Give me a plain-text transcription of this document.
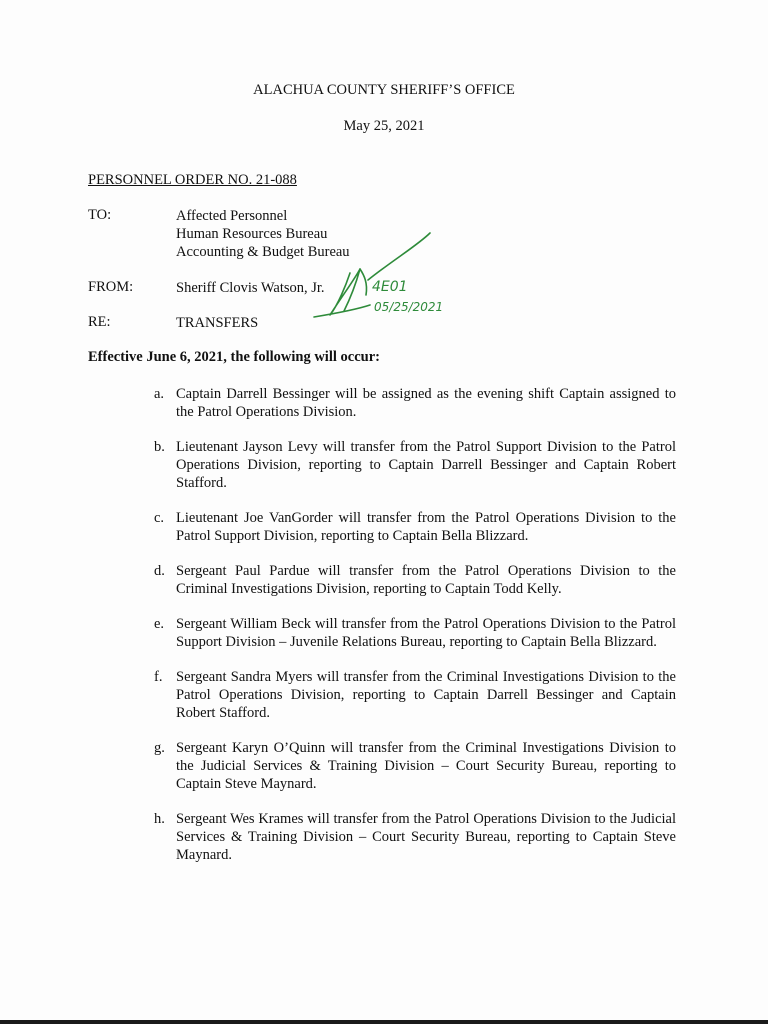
ALACHUA COUNTY SHERIFF’S OFFICE
May 25, 2021
PERSONNEL ORDER NO. 21-088
TO:	Affected Personnel
Human Resources Bureau
Accounting & Budget Bureau
FROM:	Sheriff Clovis Watson, Jr.
RE:	TRANSFERS
4E01
05/25/2021
Effective June 6, 2021, the following will occur:
a. Captain Darrell Bessinger will be assigned as the evening shift Captain assigned to the Patrol Operations Division.
b. Lieutenant Jayson Levy will transfer from the Patrol Support Division to the Patrol Operations Division, reporting to Captain Darrell Bessinger and Captain Robert Stafford.
c. Lieutenant Joe VanGorder will transfer from the Patrol Operations Division to the Patrol Support Division, reporting to Captain Bella Blizzard.
d. Sergeant Paul Pardue will transfer from the Patrol Operations Division to the Criminal Investigations Division, reporting to Captain Todd Kelly.
e. Sergeant William Beck will transfer from the Patrol Operations Division to the Patrol Support Division – Juvenile Relations Bureau, reporting to Captain Bella Blizzard.
f. Sergeant Sandra Myers will transfer from the Criminal Investigations Division to the Patrol Operations Division, reporting to Captain Darrell Bessinger and Captain Robert Stafford.
g. Sergeant Karyn O’Quinn will transfer from the Criminal Investigations Division to the Judicial Services & Training Division – Court Security Bureau, reporting to Captain Steve Maynard.
h. Sergeant Wes Krames will transfer from the Patrol Operations Division to the Judicial Services & Training Division – Court Security Bureau, reporting to Captain Steve Maynard.
